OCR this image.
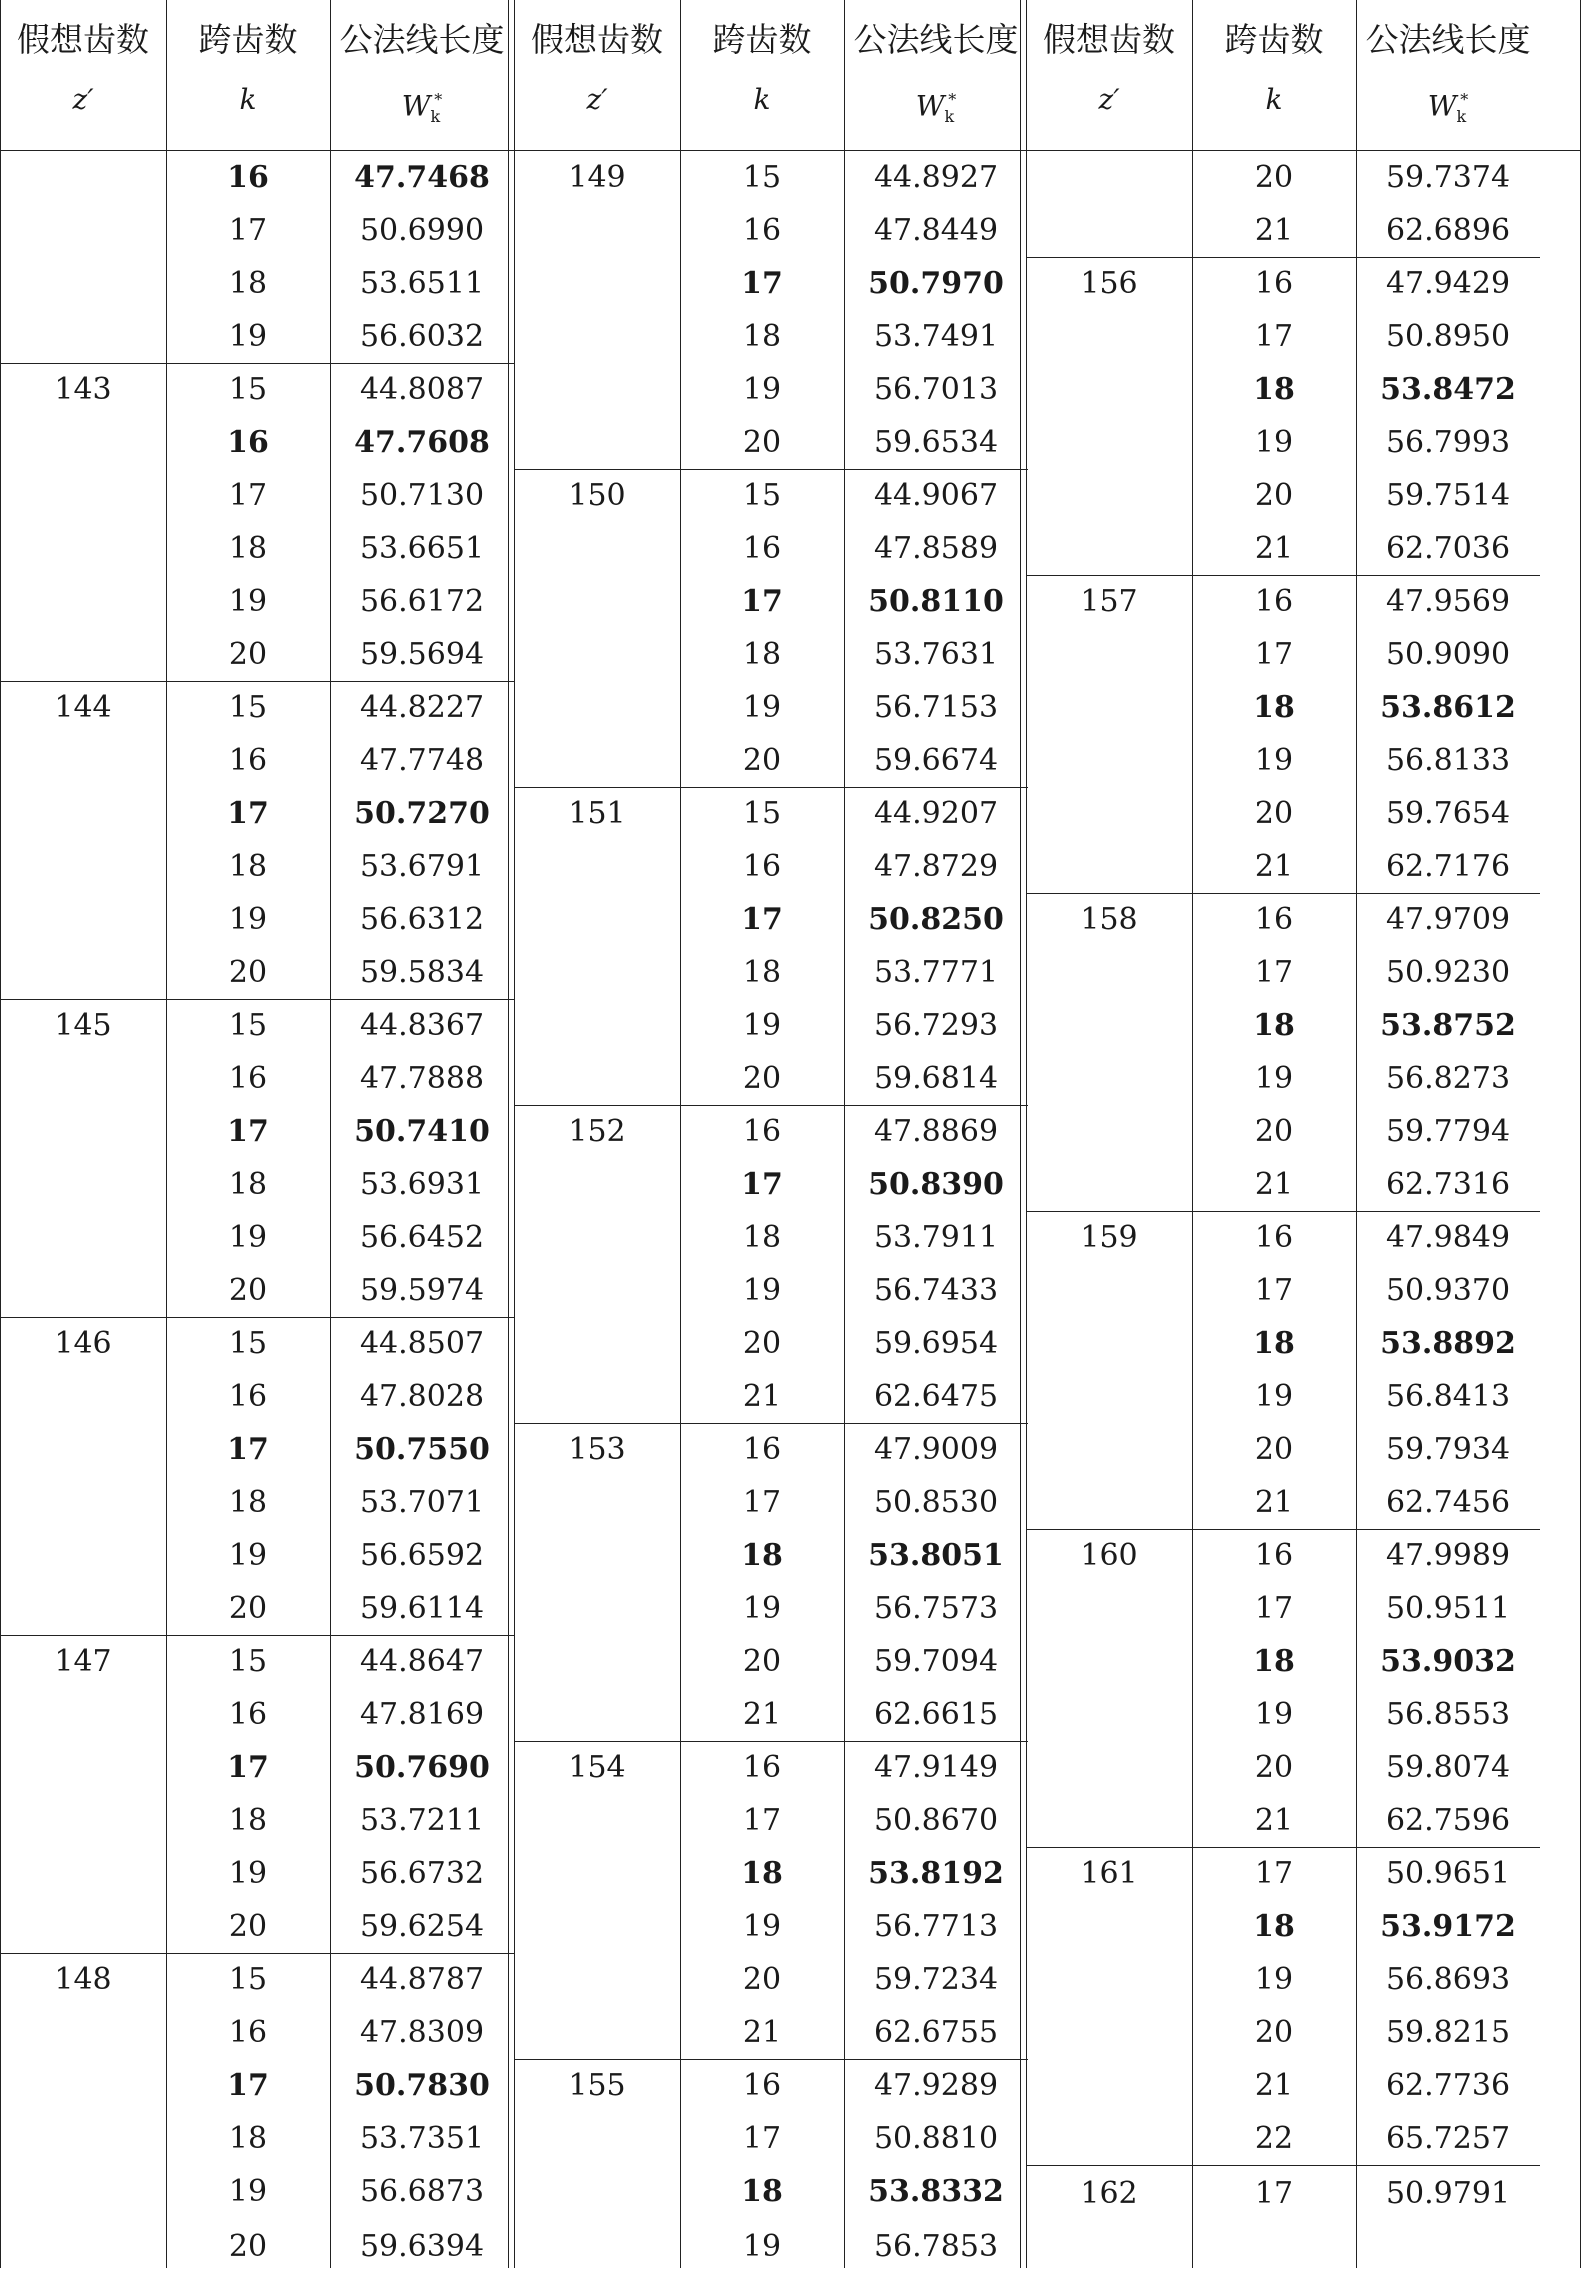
假想齿数
z′
跨齿数
k
公法线长度
$W_k^*$
16	47.7468
17	50.6990
18	53.6511
19	56.6032
143	15	44.8087
16	47.7608
17	50.7130
18	53.6651
19	56.6172
20	59.5694
144	15	44.8227
16	47.7748
17	50.7270
18	53.6791
19	56.6312
20	59.5834
145	15	44.8367
16	47.7888
17	50.7410
18	53.6931
19	56.6452
20	59.5974
146	15	44.8507
16	47.8028
17	50.7550
18	53.7071
19	56.6592
20	59.6114
147	15	44.8647
16	47.8169
17	50.7690
18	53.7211
19	56.6732
20	59.6254
148	15	44.8787
16	47.8309
17	50.7830
18	53.7351
19	56.6873
20	59.6394
假想齿数
z′
跨齿数
k
公法线长度
$W_k^*$
149	15	44.8927
16	47.8449
17	50.7970
18	53.7491
19	56.7013
20	59.6534
150	15	44.9067
16	47.8589
17	50.8110
18	53.7631
19	56.7153
20	59.6674
151	15	44.9207
16	47.8729
17	50.8250
18	53.7771
19	56.7293
20	59.6814
152	16	47.8869
17	50.8390
18	53.7911
19	56.7433
20	59.6954
21	62.6475
153	16	47.9009
17	50.8530
18	53.8051
19	56.7573
20	59.7094
21	62.6615
154	16	47.9149
17	50.8670
18	53.8192
19	56.7713
20	59.7234
21	62.6755
155	16	47.9289
17	50.8810
18	53.8332
19	56.7853
假想齿数
z′
跨齿数
k
公法线长度
$W_k^*$
20	59.7374
21	62.6896
156	16	47.9429
17	50.8950
18	53.8472
19	56.7993
20	59.7514
21	62.7036
157	16	47.9569
17	50.9090
18	53.8612
19	56.8133
20	59.7654
21	62.7176
158	16	47.9709
17	50.9230
18	53.8752
19	56.8273
20	59.7794
21	62.7316
159	16	47.9849
17	50.9370
18	53.8892
19	56.8413
20	59.7934
21	62.7456
160	16	47.9989
17	50.9511
18	53.9032
19	56.8553
20	59.8074
21	62.7596
161	17	50.9651
18	53.9172
19	56.8693
20	59.8215
21	62.7736
22	65.7257
162	17	50.9791
